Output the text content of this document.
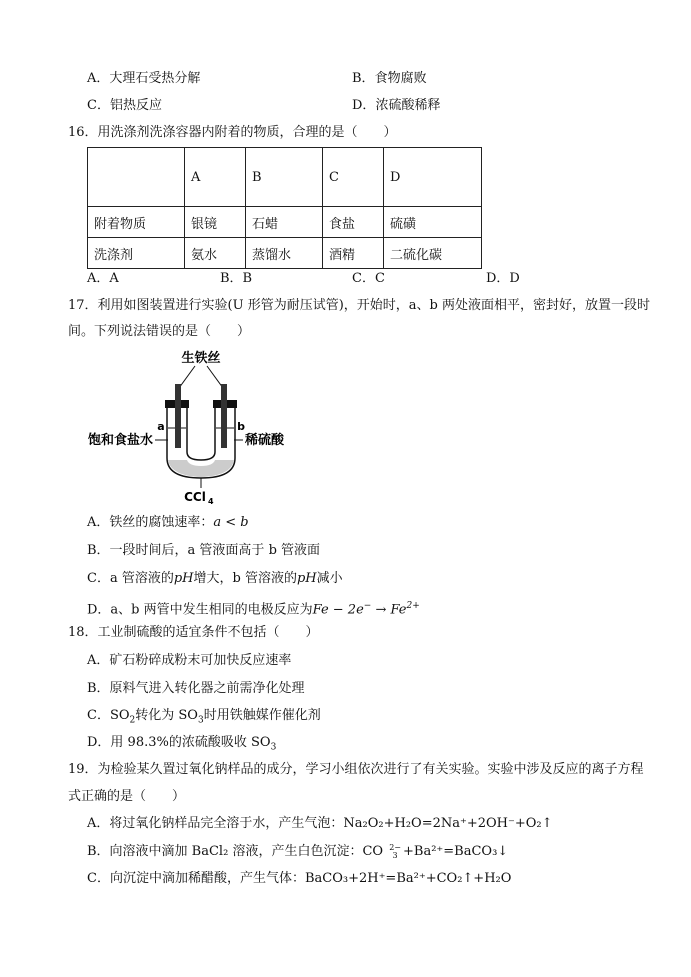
A．大理石受热分解	B．食物腐败
C．铝热反应	D．浓硫酸稀释
16．用洗涤剂洗涤容器内附着的物质，合理的是（　　）
	A	B	C	D
附着物质	银镜	石蜡	食盐	硫磺
洗涤剂	氨水	蒸馏水	酒精	二硫化碳
A．A	B．B	C．C	D．D
17．利用如图装置进行实验(U 形管为耐压试管)，开始时，a、b 两处液面相平，密封好，放置一段时
间。下列说法错误的是（　　）
生铁丝
a	b
饱和食盐水	稀硫酸
CCl 4
A．铁丝的腐蚀速率：a < b
B．一段时间后，a 管液面高于 b 管液面
C．a 管溶液的pH增大，b 管溶液的pH减小
D．a、b 两管中发生相同的电极反应为$Fe - 2e^- \to Fe^{2+}$
18．工业制硫酸的适宜条件不包括（　　）
A．矿石粉碎成粉末可加快反应速率
B．原料气进入转化器之前需净化处理
C．$SO_2$转化为 $SO_3$时用铁触媒作催化剂
D．用 98.3%的浓硫酸吸收 $SO_3$
19．为检验某久置过氧化钠样品的成分，学习小组依次进行了有关实验。实验中涉及反应的离子方程
式正确的是（　　）
A．将过氧化钠样品完全溶于水，产生气泡：Na₂O₂+H₂O=2Na⁺+2OH⁻+O₂↑
B．向溶液中滴加 BaCl₂ 溶液，产生白色沉淀：CO 2−
3 +Ba²⁺=BaCO₃↓
C．向沉淀中滴加稀醋酸，产生气体：BaCO₃+2H⁺=Ba²⁺+CO₂↑+H₂O
